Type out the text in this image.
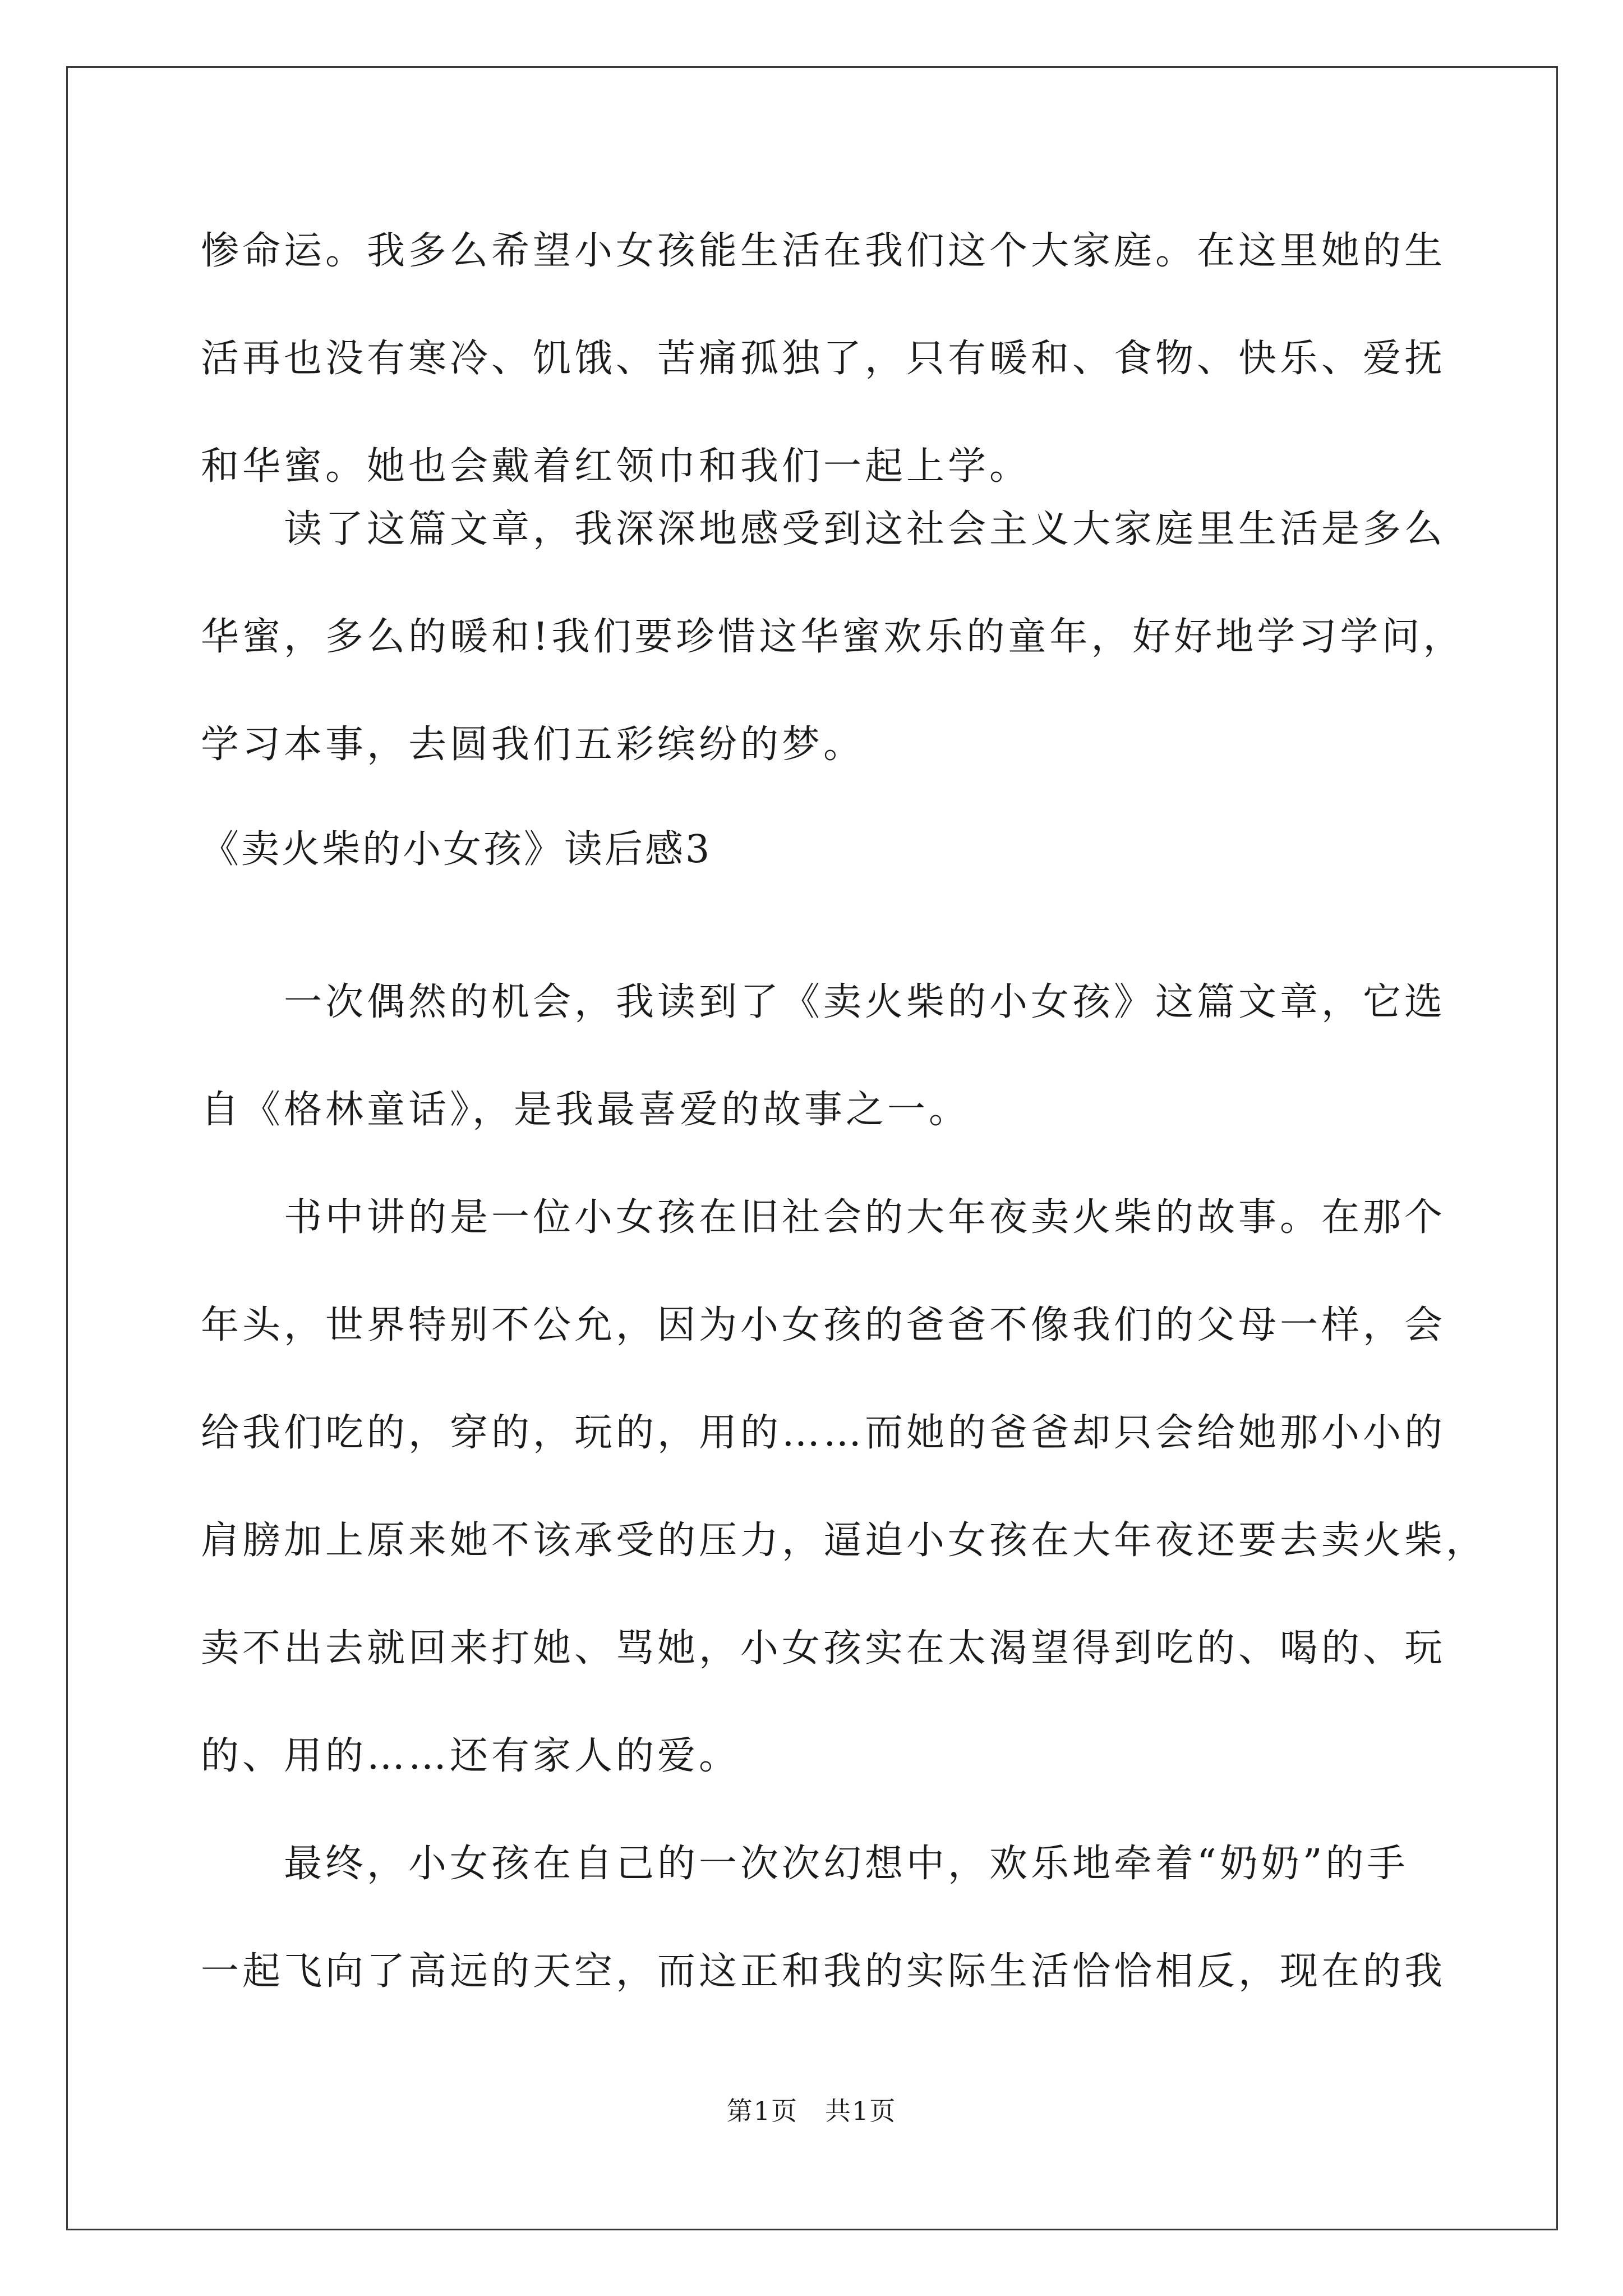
惨命运。我多么希望小女孩能生活在我们这个大家庭。在这里她的生
活再也没有寒冷、饥饿、苦痛孤独了，只有暖和、食物、快乐、爱抚
和华蜜。她也会戴着红领巾和我们一起上学。
　　读了这篇文章，我深深地感受到这社会主义大家庭里生活是多么
华蜜，多么的暖和!我们要珍惜这华蜜欢乐的童年，好好地学习学问，
学习本事，去圆我们五彩缤纷的梦。
《卖火柴的小女孩》读后感3
　　一次偶然的机会，我读到了《卖火柴的小女孩》这篇文章，它选
自《格林童话》，是我最喜爱的故事之一。
　　书中讲的是一位小女孩在旧社会的大年夜卖火柴的故事。在那个
年头，世界特别不公允，因为小女孩的爸爸不像我们的父母一样，会
给我们吃的，穿的，玩的，用的……而她的爸爸却只会给她那小小的
肩膀加上原来她不该承受的压力，逼迫小女孩在大年夜还要去卖火柴，
卖不出去就回来打她、骂她，小女孩实在太渴望得到吃的、喝的、玩
的、用的……还有家人的爱。
　　最终，小女孩在自己的一次次幻想中，欢乐地牵着“奶奶”的手
一起飞向了高远的天空，而这正和我的实际生活恰恰相反，现在的我
第1页　共1页
